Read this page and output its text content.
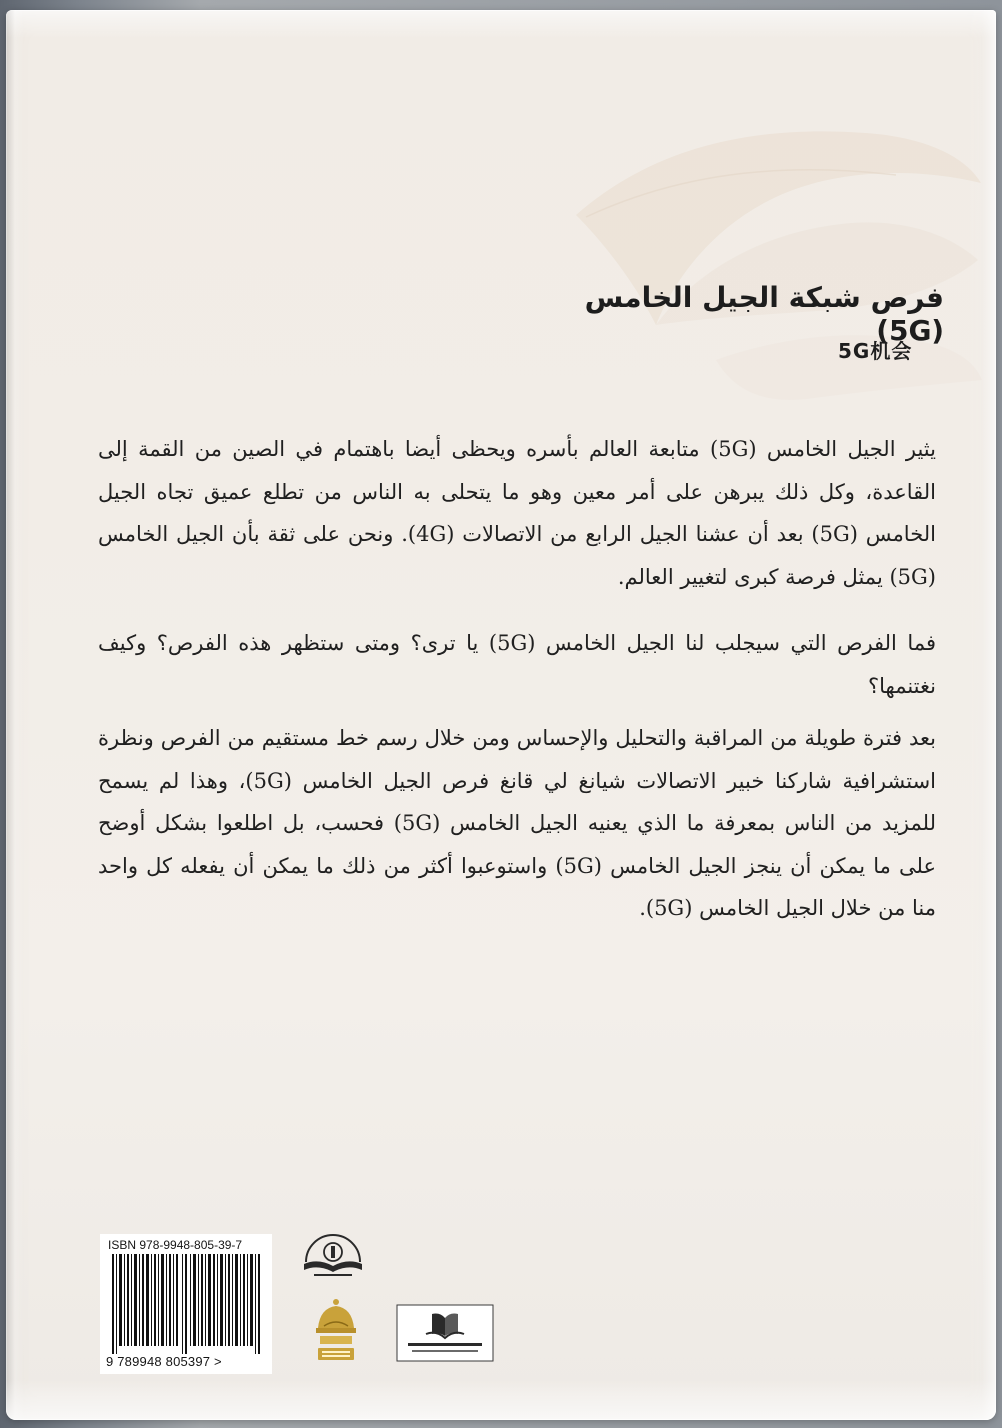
فرص شبكة الجيل الخامس (5G)
5G机会

يثير الجيل الخامس (5G) متابعة العالم بأسره ويحظى أيضا باهتمام في الصين من القمة إلى القاعدة، وكل ذلك يبرهن على أمر معين وهو ما يتحلى به الناس من تطلع عميق تجاه الجيل الخامس (5G) بعد أن عشنا الجيل الرابع من الاتصالات (4G). ونحن على ثقة بأن الجيل الخامس (5G) يمثل فرصة كبرى لتغيير العالم.

فما الفرص التي سيجلب لنا الجيل الخامس (5G) يا ترى؟ ومتى ستظهر هذه الفرص؟ وكيف نغتنمها؟

بعد فترة طويلة من المراقبة والتحليل والإحساس ومن خلال رسم خط مستقيم من الفرص ونظرة استشرافية شاركنا خبير الاتصالات شيانغ لي قانغ فرص الجيل الخامس (5G)، وهذا لم يسمح للمزيد من الناس بمعرفة ما الذي يعنيه الجيل الخامس (5G) فحسب، بل اطلعوا بشكل أوضح على ما يمكن أن ينجز الجيل الخامس (5G) واستوعبوا أكثر من ذلك ما يمكن أن يفعله كل واحد منا من خلال الجيل الخامس (5G).

ISBN 978-9948-805-39-7
9 789948 805397 >
